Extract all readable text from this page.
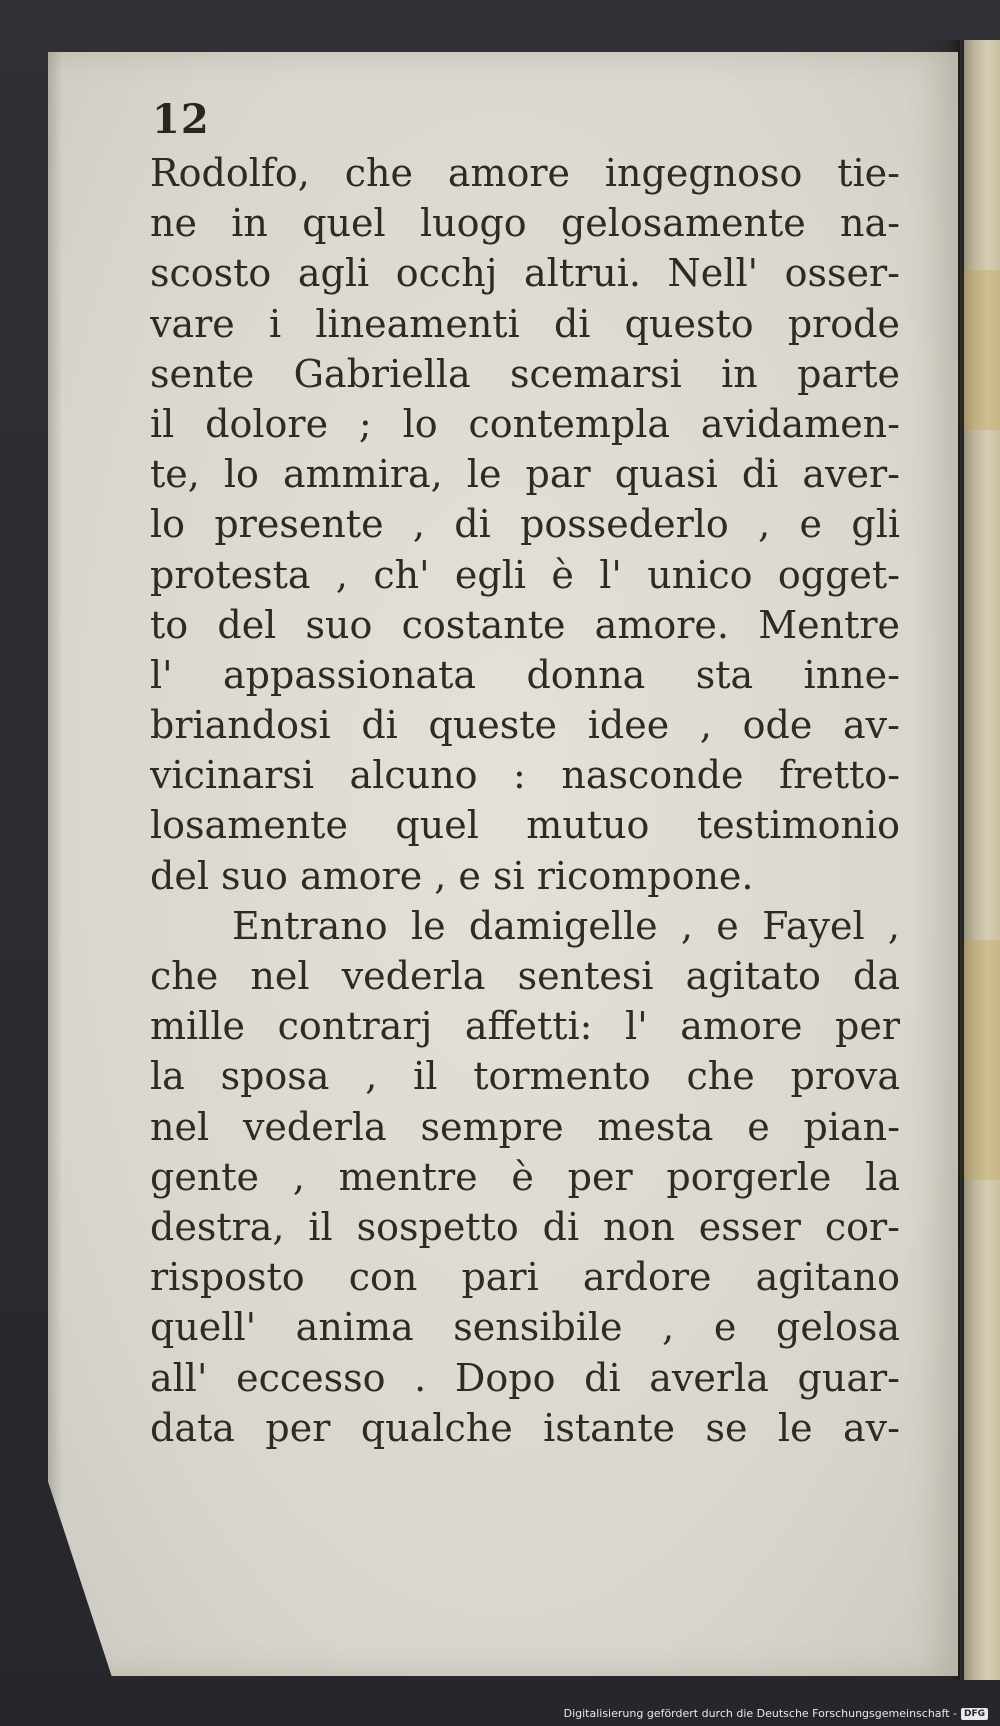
12
Rodolfo, che amore ingegnoso tie-
ne in quel luogo gelosamente na-
scosto agli occhj altrui. Nell' osser-
vare i lineamenti di questo prode
sente Gabriella scemarsi in parte
il dolore ; lo contempla avidamen-
te, lo ammira, le par quasi di aver-
lo presente , di possederlo , e gli
protesta , ch' egli è l' unico ogget-
to del suo costante amore. Mentre
l' appassionata donna sta inne-
briandosi di queste idee , ode av-
vicinarsi alcuno : nasconde fretto-
losamente quel mutuo testimonio
del suo amore , e si ricompone.
Entrano le damigelle , e Fayel ,
che nel vederla sentesi agitato da
mille contrarj affetti: l' amore per
la sposa , il tormento che prova
nel vederla sempre mesta e pian-
gente , mentre è per porgerle la
destra, il sospetto di non esser cor-
risposto con pari ardore agitano
quell' anima sensibile , e gelosa
all' eccesso . Dopo di averla guar-
data per qualche istante se le av-
Digitalisierung gefördert durch die Deutsche Forschungsgemeinschaft - DFG
